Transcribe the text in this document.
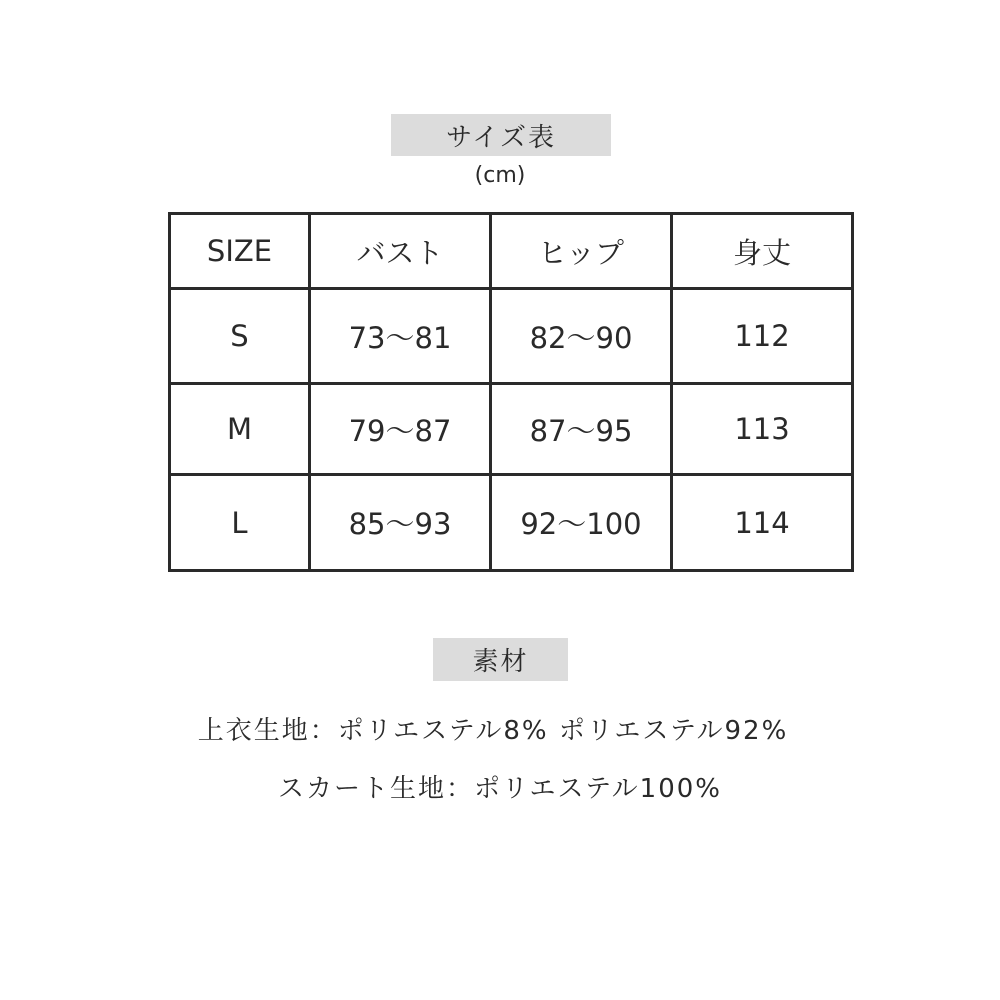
サイズ表
(cm)
SIZE	バスト	ヒップ	身丈
S	73～81	82～90	112
M	79～87	87～95	113
L	85～93	92～100	114
素材
上衣生地：ポリエステル8% ポリエステル92%
スカート生地：ポリエステル100%
